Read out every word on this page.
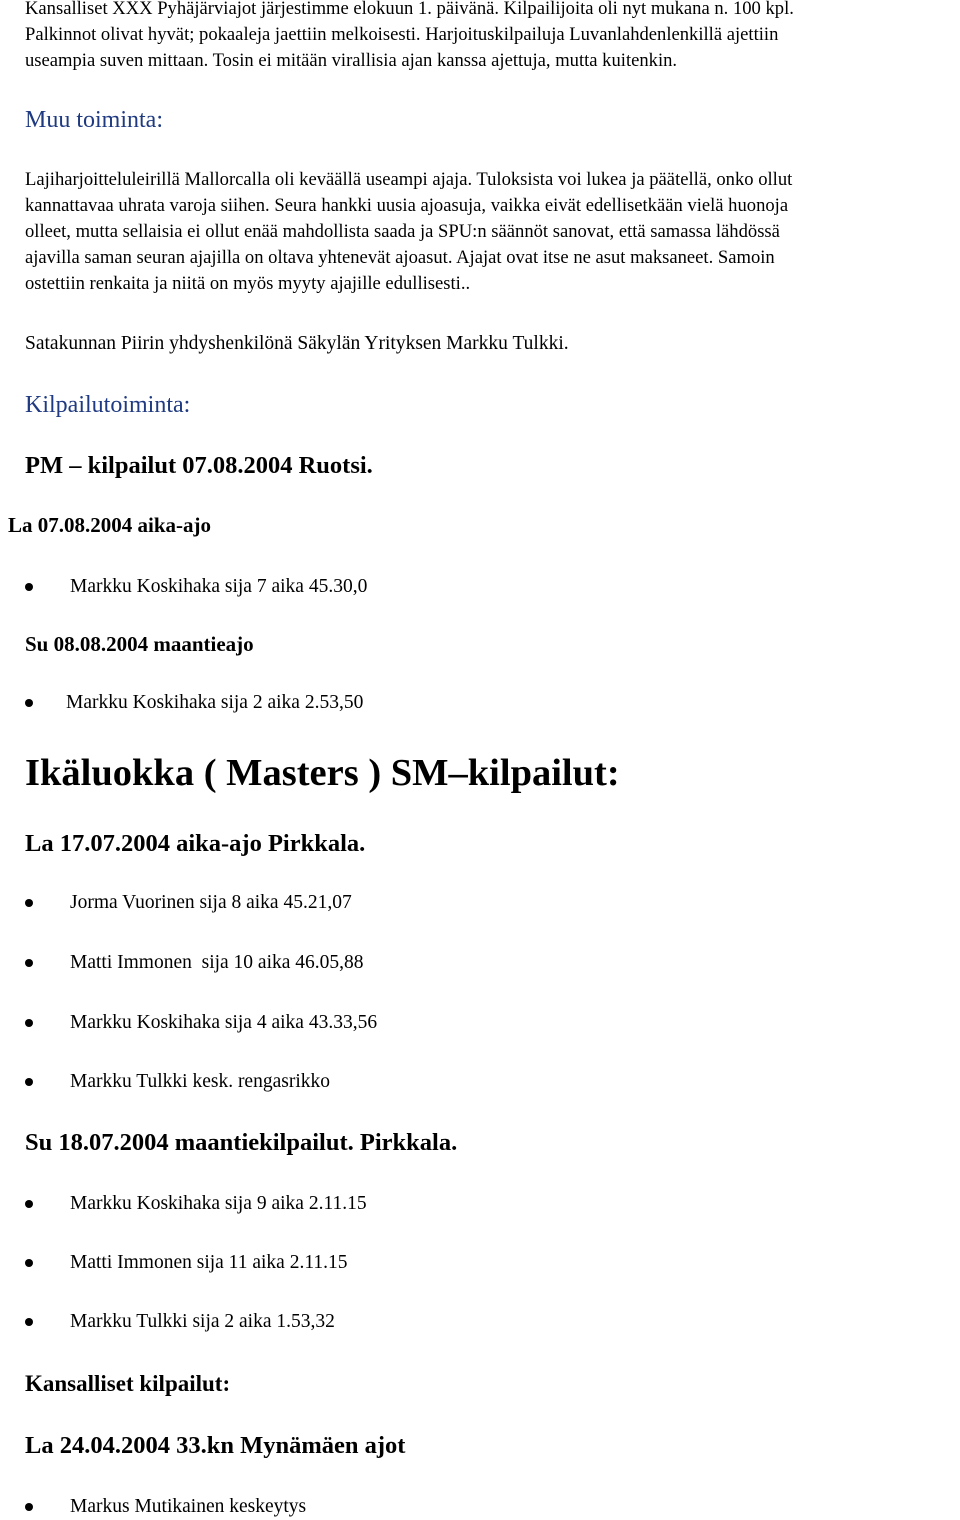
Kansalliset XXX Pyhäjärviajot järjestimme elokuun 1. päivänä. Kilpailijoita oli nyt mukana n. 100 kpl.
Palkinnot olivat hyvät; pokaaleja jaettiin melkoisesti. Harjoituskilpailuja Luvanlahdenlenkillä ajettiin
useampia suven mittaan. Tosin ei mitään virallisia ajan kanssa ajettuja, mutta kuitenkin.

Muu toiminta:

Lajiharjoitteluleirillä Mallorcalla oli keväällä useampi ajaja. Tuloksista voi lukea ja päätellä, onko ollut
kannattavaa uhrata varoja siihen. Seura hankki uusia ajoasuja, vaikka eivät edellisetkään vielä huonoja
olleet, mutta sellaisia ei ollut enää mahdollista saada ja SPU:n säännöt sanovat, että samassa lähdössä
ajavilla saman seuran ajajilla on oltava yhtenevät ajoasut. Ajajat ovat itse ne asut maksaneet. Samoin
ostettiin renkaita ja niitä on myös myyty ajajille edullisesti..

Satakunnan Piirin yhdyshenkilönä Säkylän Yrityksen Markku Tulkki.

Kilpailutoiminta:
PM – kilpailut 07.08.2004 Ruotsi.
La 07.08.2004 aika-ajo
Markku Koskihaka sija 7 aika 45.30,0
Su 08.08.2004 maantieajo
Markku Koskihaka sija 2 aika 2.53,50
Ikäluokka ( Masters ) SM–kilpailut:
La 17.07.2004 aika-ajo Pirkkala.
Jorma Vuorinen sija 8 aika 45.21,07
Matti Immonen  sija 10 aika 46.05,88
Markku Koskihaka sija 4 aika 43.33,56
Markku Tulkki kesk. rengasrikko
Su 18.07.2004 maantiekilpailut. Pirkkala.
Markku Koskihaka sija 9 aika 2.11.15
Matti Immonen sija 11 aika 2.11.15
Markku Tulkki sija 2 aika 1.53,32
Kansalliset kilpailut:
La 24.04.2004 33.kn Mynämäen ajot
Markus Mutikainen keskeytys
